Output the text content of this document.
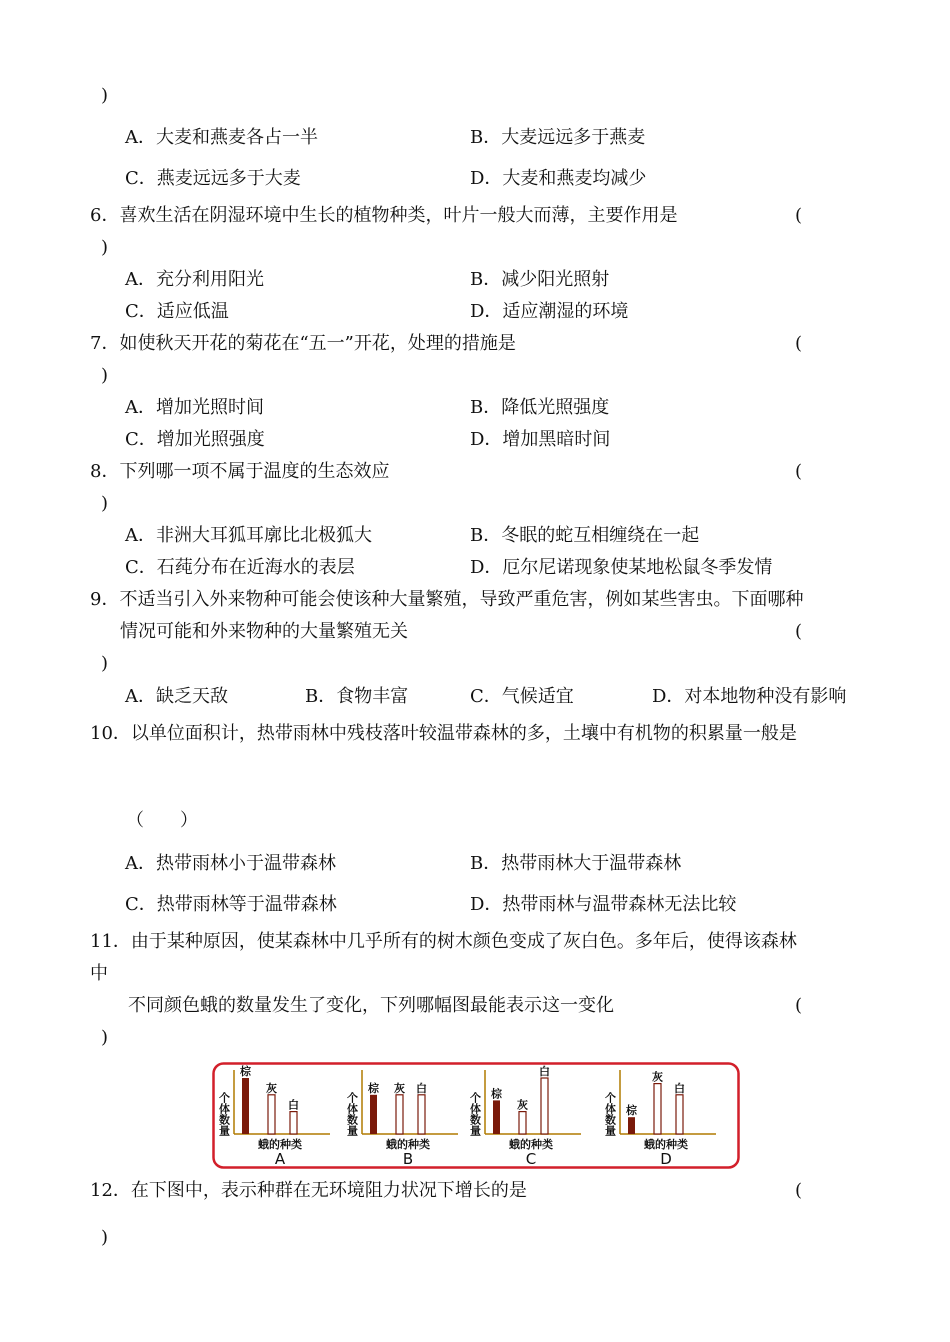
)
A．大麦和燕麦各占一半	B．大麦远远多于燕麦
C．燕麦远远多于大麦	D．大麦和燕麦均减少
6．喜欢生活在阴湿环境中生长的植物种类，叶片一般大而薄，主要作用是	(
)
A．充分利用阳光	B．减少阳光照射
C．适应低温	D．适应潮湿的环境
7．如使秋天开花的菊花在“五一”开花，处理的措施是	(
)
A．增加光照时间	B．降低光照强度
C．增加光照强度	D．增加黑暗时间
8．下列哪一项不属于温度的生态效应	(
)
A．非洲大耳狐耳廓比北极狐大	B．冬眠的蛇互相缠绕在一起
C．石莼分布在近海水的表层	D．厄尔尼诺现象使某地松鼠冬季发情
9．不适当引入外来物种可能会使该种大量繁殖，导致严重危害，例如某些害虫。下面哪种
情况可能和外来物种的大量繁殖无关	(
)
A．缺乏天敌	B．食物丰富	C．气候适宜	D．对本地物种没有影响
10．以单位面积计，热带雨林中残枝落叶较温带森林的多，土壤中有机物的积累量一般是
（　　）
A．热带雨林小于温带森林	B．热带雨林大于温带森林
C．热带雨林等于温带森林	D．热带雨林与温带森林无法比较
11．由于某种原因，使某森林中几乎所有的树木颜色变成了灰白色。多年后，使得该森林
中
不同颜色蛾的数量发生了变化，下列哪幅图最能表示这一变化	(
)
个体数量
棕
灰
白
蛾的种类
A
个体数量
棕 灰 白
蛾的种类
B
个体数量 棕
灰
白
蛾的种类
C
个体数量 棕
灰
白
蛾的种类
D
12．在下图中，表示种群在无环境阻力状况下增长的是	(
)
